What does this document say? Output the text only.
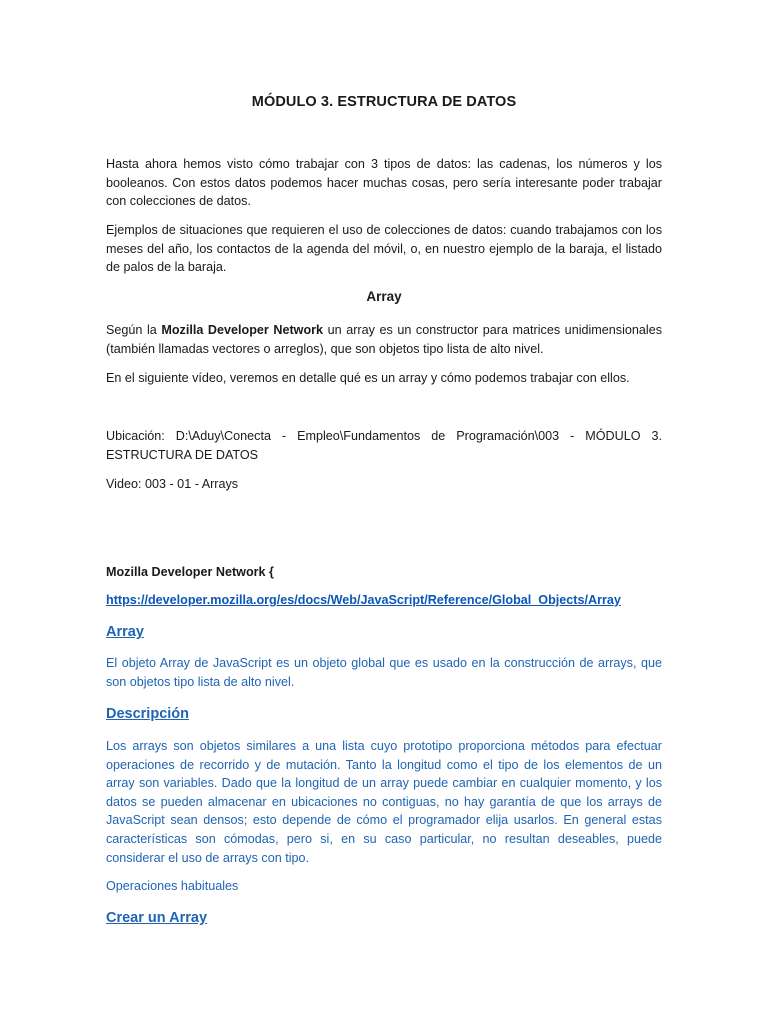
MÓDULO 3. ESTRUCTURA DE DATOS

Hasta ahora hemos visto cómo trabajar con 3 tipos de datos: las cadenas, los números y los booleanos. Con estos datos podemos hacer muchas cosas, pero sería interesante poder trabajar con colecciones de datos.

Ejemplos de situaciones que requieren el uso de colecciones de datos: cuando trabajamos con los meses del año, los contactos de la agenda del móvil, o, en nuestro ejemplo de la baraja, el listado de palos de la baraja.

Array

Según la Mozilla Developer Network un array es un constructor para matrices unidimensionales (también llamadas vectores o arreglos), que son objetos tipo lista de alto nivel.

En el siguiente vídeo, veremos en detalle qué es un array y cómo podemos trabajar con ellos.

Ubicación: D:\Aduy\Conecta - Empleo\Fundamentos de Programación\003 - MÓDULO 3. ESTRUCTURA DE DATOS

Video: 003 - 01 - Arrays

Mozilla Developer Network {

https://developer.mozilla.org/es/docs/Web/JavaScript/Reference/Global_Objects/Array
Array

El objeto Array de JavaScript es un objeto global que es usado en la construcción de arrays, que son objetos tipo lista de alto nivel.

Descripción

Los arrays son objetos similares a una lista cuyo prototipo proporciona métodos para efectuar operaciones de recorrido y de mutación. Tanto la longitud como el tipo de los elementos de un array son variables. Dado que la longitud de un array puede cambiar en cualquier momento, y los datos se pueden almacenar en ubicaciones no contiguas, no hay garantía de que los arrays de JavaScript sean densos; esto depende de cómo el programador elija usarlos. En general estas características son cómodas, pero si, en su caso particular, no resultan deseables, puede considerar el uso de arrays con tipo.

Operaciones habituales

Crear un Array
